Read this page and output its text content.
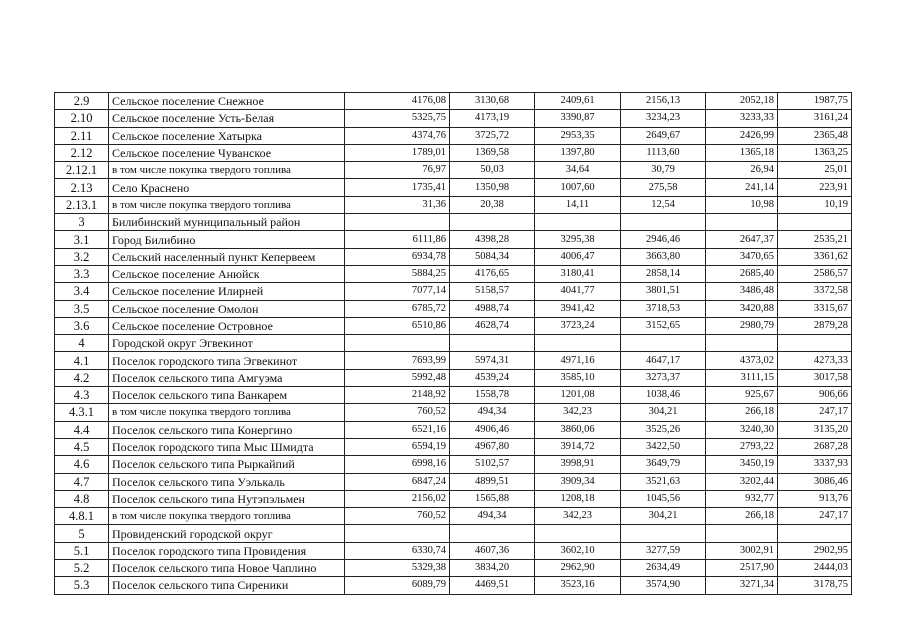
2.9	Сельское поселение Снежное	4176,08	3130,68	2409,61	2156,13	2052,18	1987,75
2.10	Сельское поселение Усть-Белая	5325,75	4173,19	3390,87	3234,23	3233,33	3161,24
2.11	Сельское поселение Хатырка	4374,76	3725,72	2953,35	2649,67	2426,99	2365,48
2.12	Сельское поселение Чуванское	1789,01	1369,58	1397,80	1113,60	1365,18	1363,25
2.12.1	в том числе покупка твердого топлива	76,97	50,03	34,64	30,79	26,94	25,01
2.13	Село Краснено	1735,41	1350,98	1007,60	275,58	241,14	223,91
2.13.1	в том числе покупка твердого топлива	31,36	20,38	14,11	12,54	10,98	10,19
3	Билибинский муниципальный район						
3.1	Город Билибино	6111,86	4398,28	3295,38	2946,46	2647,37	2535,21
3.2	Сельский населенный пункт Кепервеем	6934,78	5084,34	4006,47	3663,80	3470,65	3361,62
3.3	Сельское поселение Анюйск	5884,25	4176,65	3180,41	2858,14	2685,40	2586,57
3.4	Сельское поселение Илирней	7077,14	5158,57	4041,77	3801,51	3486,48	3372,58
3.5	Сельское поселение Омолон	6785,72	4988,74	3941,42	3718,53	3420,88	3315,67
3.6	Сельское поселение Островное	6510,86	4628,74	3723,24	3152,65	2980,79	2879,28
4	Городской округ Эгвекинот						
4.1	Поселок городского типа Эгвекинот	7693,99	5974,31	4971,16	4647,17	4373,02	4273,33
4.2	Поселок сельского типа Амгуэма	5992,48	4539,24	3585,10	3273,37	3111,15	3017,58
4.3	Поселок сельского типа Ванкарем	2148,92	1558,78	1201,08	1038,46	925,67	906,66
4.3.1	в том числе покупка твердого топлива	760,52	494,34	342,23	304,21	266,18	247,17
4.4	Поселок сельского типа Конергино	6521,16	4906,46	3860,06	3525,26	3240,30	3135,20
4.5	Поселок городского типа Мыс Шмидта	6594,19	4967,80	3914,72	3422,50	2793,22	2687,28
4.6	Поселок сельского типа Рыркайпий	6998,16	5102,57	3998,91	3649,79	3450,19	3337,93
4.7	Поселок сельского типа Уэлькаль	6847,24	4899,51	3909,34	3521,63	3202,44	3086,46
4.8	Поселок сельского типа Нутэпэльмен	2156,02	1565,88	1208,18	1045,56	932,77	913,76
4.8.1	в том числе покупка твердого топлива	760,52	494,34	342,23	304,21	266,18	247,17
5	Провиденский городской округ						
5.1	Поселок городского типа Провидения	6330,74	4607,36	3602,10	3277,59	3002,91	2902,95
5.2	Поселок сельского типа Новое Чаплино	5329,38	3834,20	2962,90	2634,49	2517,90	2444,03
5.3	Поселок сельского типа Сиреники	6089,79	4469,51	3523,16	3574,90	3271,34	3178,75
